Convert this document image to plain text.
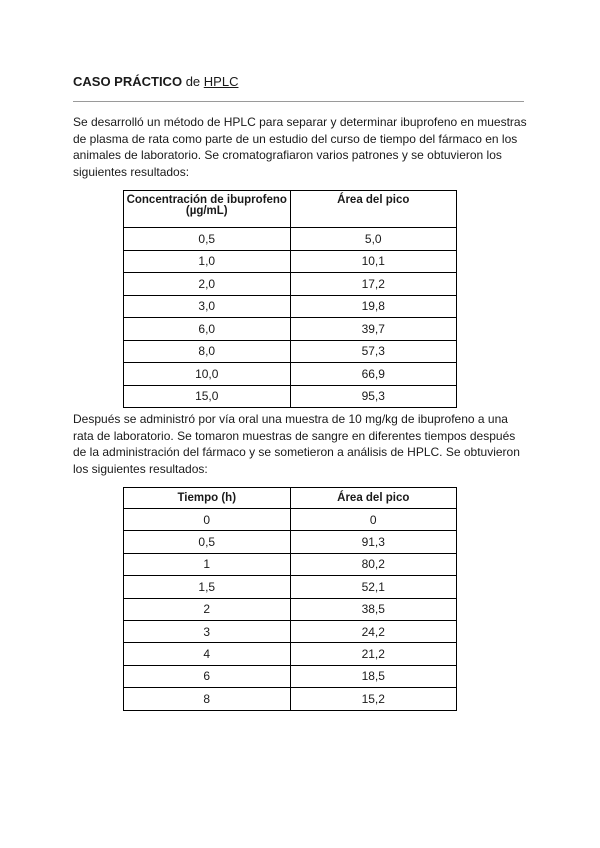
CASO PRÁCTICO de HPLC
Se desarrolló un método de HPLC para separar y determinar ibuprofeno en muestras de plasma de rata como parte de un estudio del curso de tiempo del fármaco en los animales de laboratorio. Se cromatografiaron varios patrones y se obtuvieron los siguientes resultados:
Concentración de ibuprofeno (µg/mL)	Área del pico
0,5	5,0
1,0	10,1
2,0	17,2
3,0	19,8
6,0	39,7
8,0	57,3
10,0	66,9
15,0	95,3
Después se administró por vía oral una muestra de 10 mg/kg de ibuprofeno a una rata de laboratorio. Se tomaron muestras de sangre en diferentes tiempos después de la administración del fármaco y se sometieron a análisis de HPLC. Se obtuvieron los siguientes resultados:
Tiempo (h)	Área del pico
0	0
0,5	91,3
1	80,2
1,5	52,1
2	38,5
3	24,2
4	21,2
6	18,5
8	15,2
